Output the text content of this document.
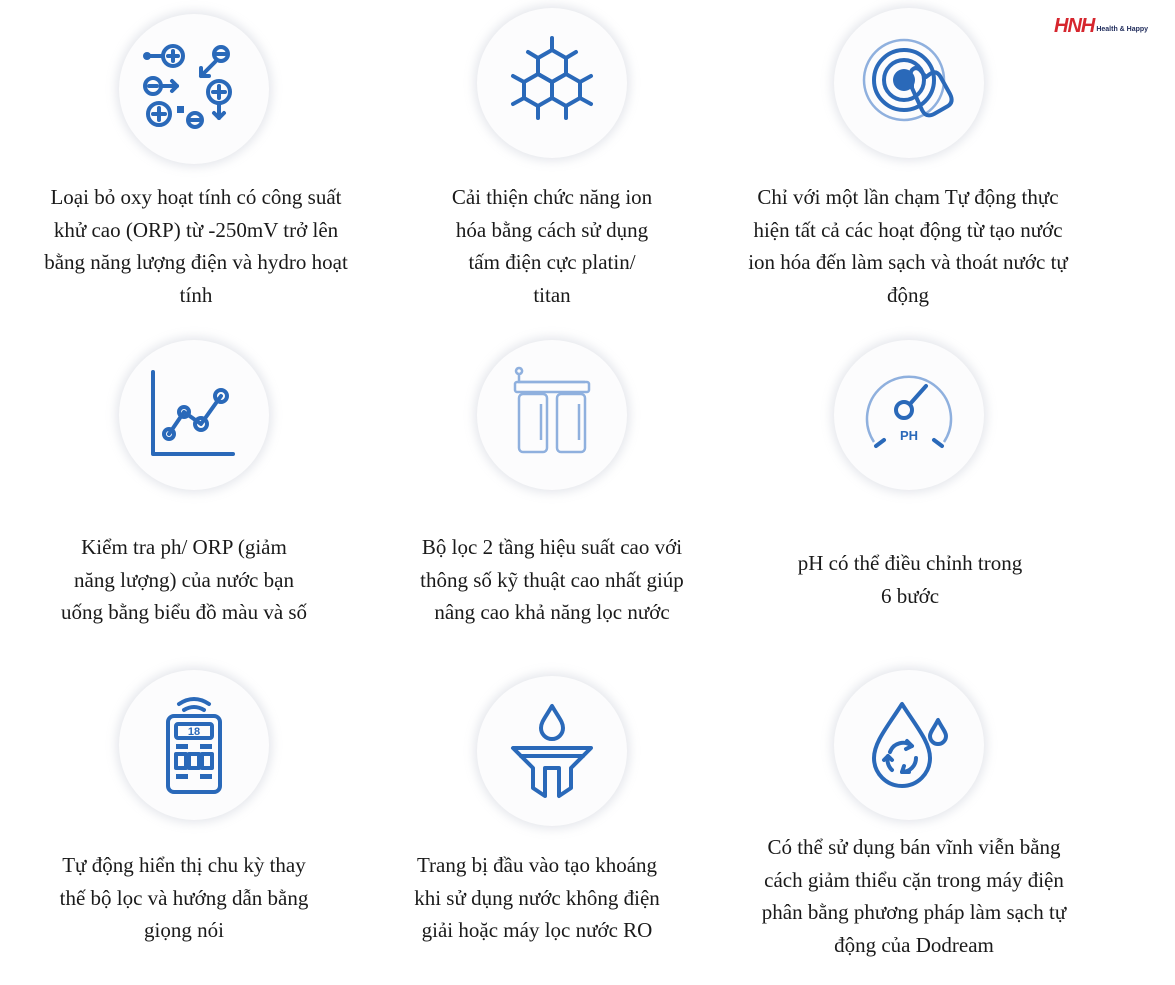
HNH Health & Happy
Loại bỏ oxy hoạt tính có công suất
khử cao (ORP) từ -250mV trở lên
bằng năng lượng điện và hydro hoạt
tính
Cải thiện chức năng ion
hóa bằng cách sử dụng
tấm điện cực platin/
titan
Chỉ với một lần chạm Tự động thực
hiện tất cả các hoạt động từ tạo nước
ion hóa đến làm sạch và thoát nước tự
động
Kiểm tra ph/ ORP (giảm
năng lượng) của nước bạn
uống bằng biểu đồ màu và số
Bộ lọc 2 tầng hiệu suất cao với
thông số kỹ thuật cao nhất giúp
nâng cao khả năng lọc nước
PH
pH có thể điều chỉnh trong
6 bước
18
Tự động hiển thị chu kỳ thay
thế bộ lọc và hướng dẫn bằng
giọng nói
Trang bị đầu vào tạo khoáng
khi sử dụng nước không điện
giải hoặc máy lọc nước RO
Có thể sử dụng bán vĩnh viễn bằng
cách giảm thiểu cặn trong máy điện
phân bằng phương pháp làm sạch tự
động của Dodream
